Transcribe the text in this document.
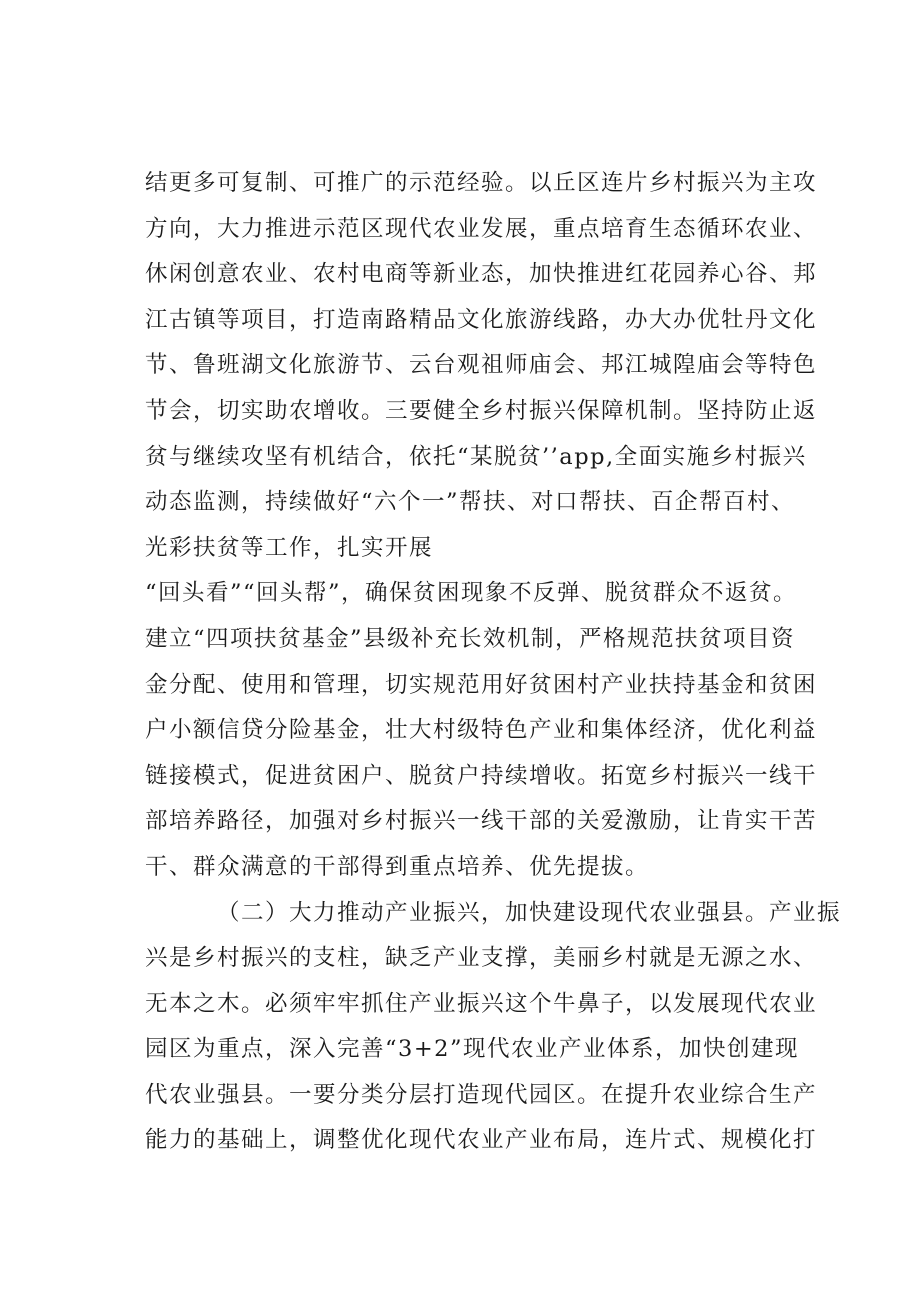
结更多可复制、可推广的示范经验。以丘区连片乡村振兴为主攻
方向，大力推进示范区现代农业发展，重点培育生态循环农业、
休闲创意农业、农村电商等新业态，加快推进红花园养心谷、邦
江古镇等项目，打造南路精品文化旅游线路，办大办优牡丹文化
节、鲁班湖文化旅游节、云台观祖师庙会、邦江城隍庙会等特色
节会，切实助农增收。三要健全乡村振兴保障机制。坚持防止返
贫与继续攻坚有机结合，依托“某脱贫’’app,全面实施乡村振兴
动态监测，持续做好“六个一”帮扶、对口帮扶、百企帮百村、
光彩扶贫等工作，扎实开展
“回头看”“回头帮”，确保贫困现象不反弹、脱贫群众不返贫。
建立“四项扶贫基金”县级补充长效机制，严格规范扶贫项目资
金分配、使用和管理，切实规范用好贫困村产业扶持基金和贫困
户小额信贷分险基金，壮大村级特色产业和集体经济，优化利益
链接模式，促进贫困户、脱贫户持续增收。拓宽乡村振兴一线干
部培养路径，加强对乡村振兴一线干部的关爱激励，让肯实干苦
干、群众满意的干部得到重点培养、优先提拔。
（二）大力推动产业振兴，加快建设现代农业强县。产业振
兴是乡村振兴的支柱，缺乏产业支撑，美丽乡村就是无源之水、
无本之木。必须牢牢抓住产业振兴这个牛鼻子，以发展现代农业
园区为重点，深入完善“3+2”现代农业产业体系，加快创建现
代农业强县。一要分类分层打造现代园区。在提升农业综合生产
能力的基础上，调整优化现代农业产业布局，连片式、规模化打
